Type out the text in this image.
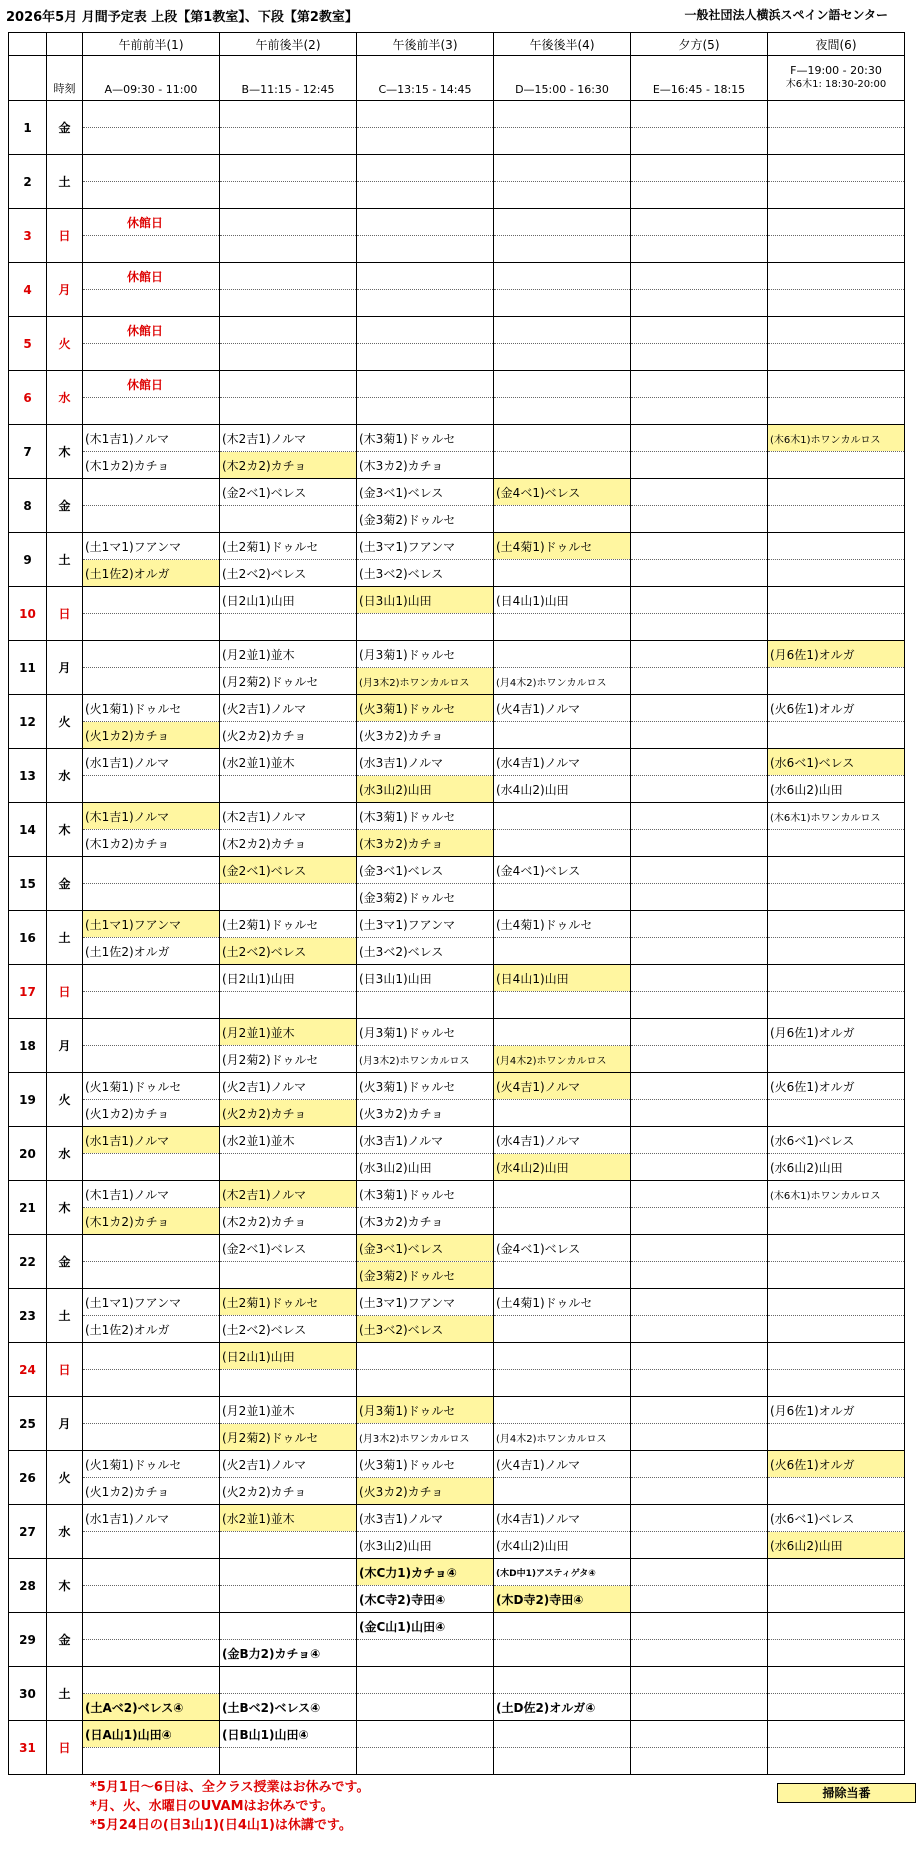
2026年5月 月間予定表 上段【第1教室】、下段【第2教室】	一般社団法人横浜スペイン語センター
		午前前半(1)	午前後半(2)	午後前半(3)	午後後半(4)	夕方(5)	夜間(6)
	時刻	A—09:30 - 11:00	B—11:15 - 12:45	C—13:15 - 14:45	D—15:00 - 16:30	E—16:45 - 18:15	F—19:00 - 20:30
木6木1: 18:30-20:00

1	金						

2	土						

3	日	休館日					

4	月	休館日					

5	火	休館日					

6	水	休館日					

7	木	(木1吉1)ノルマ	(木2吉1)ノルマ	(木3菊1)ドゥルセ			(木6木1)ホワンカルロス
		(木1カ2)カチョ	(木2カ2)カチョ	(木3カ2)カチョ			
8	金		(金2ベ1)ベレス	(金3ベ1)ベレス	(金4ベ1)ベレス		
				(金3菊2)ドゥルセ			
9	土	(土1マ1)フアンマ	(土2菊1)ドゥルセ	(土3マ1)フアンマ	(土4菊1)ドゥルセ		
		(土1佐2)オルガ	(土2ベ2)ベレス	(土3ベ2)ベレス			
10	日		(日2山1)山田	(日3山1)山田	(日4山1)山田		

11	月		(月2並1)並木	(月3菊1)ドゥルセ			(月6佐1)オルガ
			(月2菊2)ドゥルセ	(月3木2)ホワンカルロス	(月4木2)ホワンカルロス		
12	火	(火1菊1)ドゥルセ	(火2吉1)ノルマ	(火3菊1)ドゥルセ	(火4吉1)ノルマ		(火6佐1)オルガ
		(火1カ2)カチョ	(火2カ2)カチョ	(火3カ2)カチョ			
13	水	(水1吉1)ノルマ	(水2並1)並木	(水3吉1)ノルマ	(水4吉1)ノルマ		(水6ベ1)ベレス
				(水3山2)山田	(水4山2)山田		(水6山2)山田
14	木	(木1吉1)ノルマ	(木2吉1)ノルマ	(木3菊1)ドゥルセ			(木6木1)ホワンカルロス
		(木1カ2)カチョ	(木2カ2)カチョ	(木3カ2)カチョ			
15	金		(金2ベ1)ベレス	(金3ベ1)ベレス	(金4ベ1)ベレス		
				(金3菊2)ドゥルセ			
16	土	(土1マ1)フアンマ	(土2菊1)ドゥルセ	(土3マ1)フアンマ	(土4菊1)ドゥルセ		
		(土1佐2)オルガ	(土2ベ2)ベレス	(土3ベ2)ベレス			
17	日		(日2山1)山田	(日3山1)山田	(日4山1)山田		

18	月		(月2並1)並木	(月3菊1)ドゥルセ			(月6佐1)オルガ
			(月2菊2)ドゥルセ	(月3木2)ホワンカルロス	(月4木2)ホワンカルロス		
19	火	(火1菊1)ドゥルセ	(火2吉1)ノルマ	(火3菊1)ドゥルセ	(火4吉1)ノルマ		(火6佐1)オルガ
		(火1カ2)カチョ	(火2カ2)カチョ	(火3カ2)カチョ			
20	水	(水1吉1)ノルマ	(水2並1)並木	(水3吉1)ノルマ	(水4吉1)ノルマ		(水6ベ1)ベレス
				(水3山2)山田	(水4山2)山田		(水6山2)山田
21	木	(木1吉1)ノルマ	(木2吉1)ノルマ	(木3菊1)ドゥルセ			(木6木1)ホワンカルロス
		(木1カ2)カチョ	(木2カ2)カチョ	(木3カ2)カチョ			
22	金		(金2ベ1)ベレス	(金3ベ1)ベレス	(金4ベ1)ベレス		
				(金3菊2)ドゥルセ			
23	土	(土1マ1)フアンマ	(土2菊1)ドゥルセ	(土3マ1)フアンマ	(土4菊1)ドゥルセ		
		(土1佐2)オルガ	(土2ベ2)ベレス	(土3ベ2)ベレス			
24	日		(日2山1)山田				

25	月		(月2並1)並木	(月3菊1)ドゥルセ			(月6佐1)オルガ
			(月2菊2)ドゥルセ	(月3木2)ホワンカルロス	(月4木2)ホワンカルロス		
26	火	(火1菊1)ドゥルセ	(火2吉1)ノルマ	(火3菊1)ドゥルセ	(火4吉1)ノルマ		(火6佐1)オルガ
		(火1カ2)カチョ	(火2カ2)カチョ	(火3カ2)カチョ			
27	水	(水1吉1)ノルマ	(水2並1)並木	(水3吉1)ノルマ	(水4吉1)ノルマ		(水6ベ1)ベレス
				(水3山2)山田	(水4山2)山田		(水6山2)山田
28	木			(木C力1)カチョ④	(木D中1)アスティゲタ④		
				(木C寺2)寺田④	(木D寺2)寺田④		
29	金			(金C山1)山田④			
			(金B力2)カチョ④				
30	土						
		(土Aベ2)ベレス④	(土Bベ2)ベレス④		(土D佐2)オルガ④		
31	日	(日A山1)山田④	(日B山1)山田④				

*5月1日〜6日は、全クラス授業はお休みです。
*月、火、水曜日のUVAMはお休みです。
*5月24日の(日3山1)(日4山1)は休講です。
掃除当番
